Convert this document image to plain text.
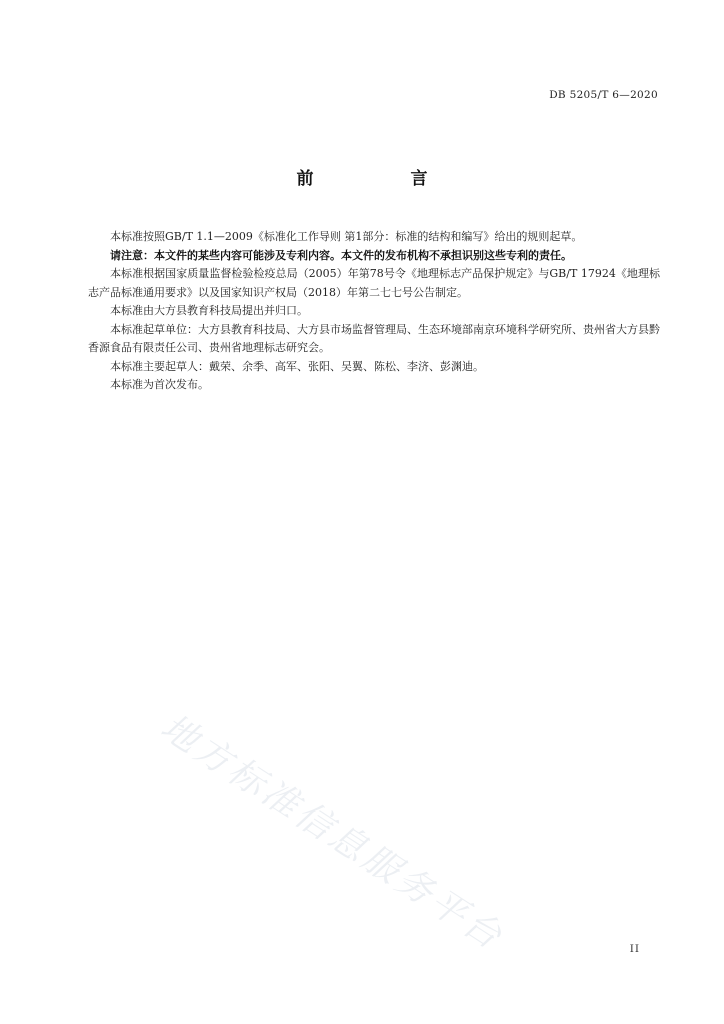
DB 5205/T 6—2020
前　言

本标准按照GB/T 1.1—2009《标准化工作导则 第1部分：标准的结构和编写》给出的规则起草。

请注意：本文件的某些内容可能涉及专利内容。本文件的发布机构不承担识别这些专利的责任。

本标准根据国家质量监督检验检疫总局（2005）年第78号令《地理标志产品保护规定》与GB/T 17924《地理标志产品标准通用要求》以及国家知识产权局（2018）年第二七七号公告制定。

本标准由大方县教育科技局提出并归口。

本标准起草单位：大方县教育科技局、大方县市场监督管理局、生态环境部南京环境科学研究所、贵州省大方县黔香源食品有限责任公司、贵州省地理标志研究会。

本标准主要起草人：戴荣、余季、高军、张阳、吴翼、陈松、李济、彭渊迪。

本标准为首次发布。

地方标准信息服务平台	II
